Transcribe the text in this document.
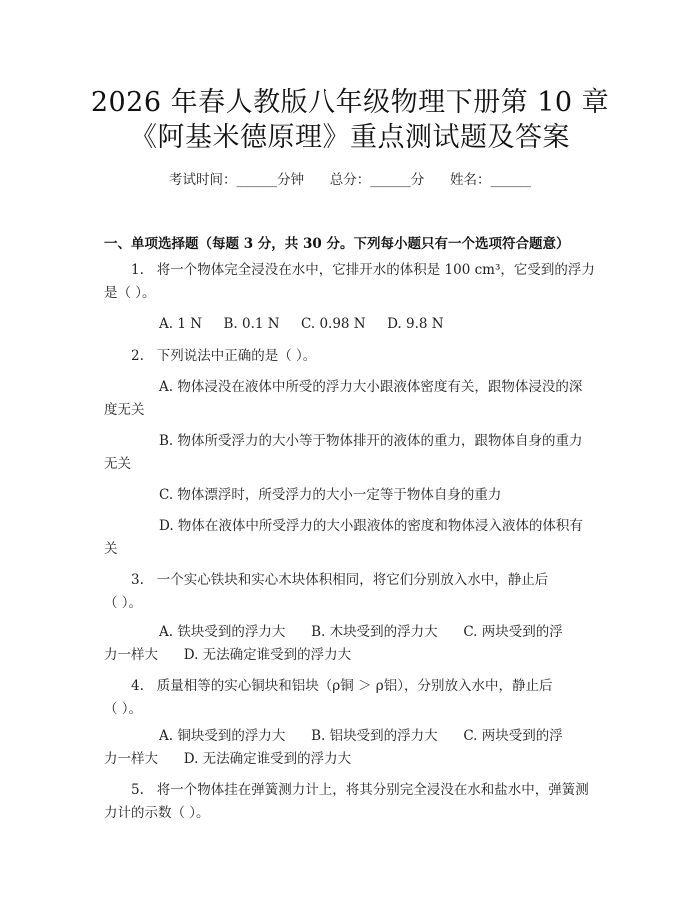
2026 年春人教版八年级物理下册第 10 章
《阿基米德原理》重点测试题及答案
考试时间：______分钟      总分：______分      姓名：______
一、单项选择题（每题 3 分，共 30 分。下列每小题只有一个选项符合题意）
1.   将一个物体完全浸没在水中，它排开水的体积是 100 cm³，它受到的浮力
是（ ）。
A. 1 N     B. 0.1 N     C. 0.98 N     D. 9.8 N
2.   下列说法中正确的是（ ）。
A. 物体浸没在液体中所受的浮力大小跟液体密度有关，跟物体浸没的深
度无关
B. 物体所受浮力的大小等于物体排开的液体的重力，跟物体自身的重力
无关
C. 物体漂浮时，所受浮力的大小一定等于物体自身的重力
D. 物体在液体中所受浮力的大小跟液体的密度和物体浸入液体的体积有
关
3.   一个实心铁块和实心木块体积相同，将它们分别放入水中，静止后
（ ）。
A. 铁块受到的浮力大      B. 木块受到的浮力大      C. 两块受到的浮
力一样大      D. 无法确定谁受到的浮力大
4.   质量相等的实心铜块和铝块（ρ铜 ＞ ρ铝），分别放入水中，静止后
（ ）。
A. 铜块受到的浮力大      B. 铝块受到的浮力大      C. 两块受到的浮
力一样大      D. 无法确定谁受到的浮力大
5.   将一个物体挂在弹簧测力计上，将其分别完全浸没在水和盐水中，弹簧测
力计的示数（ ）。
